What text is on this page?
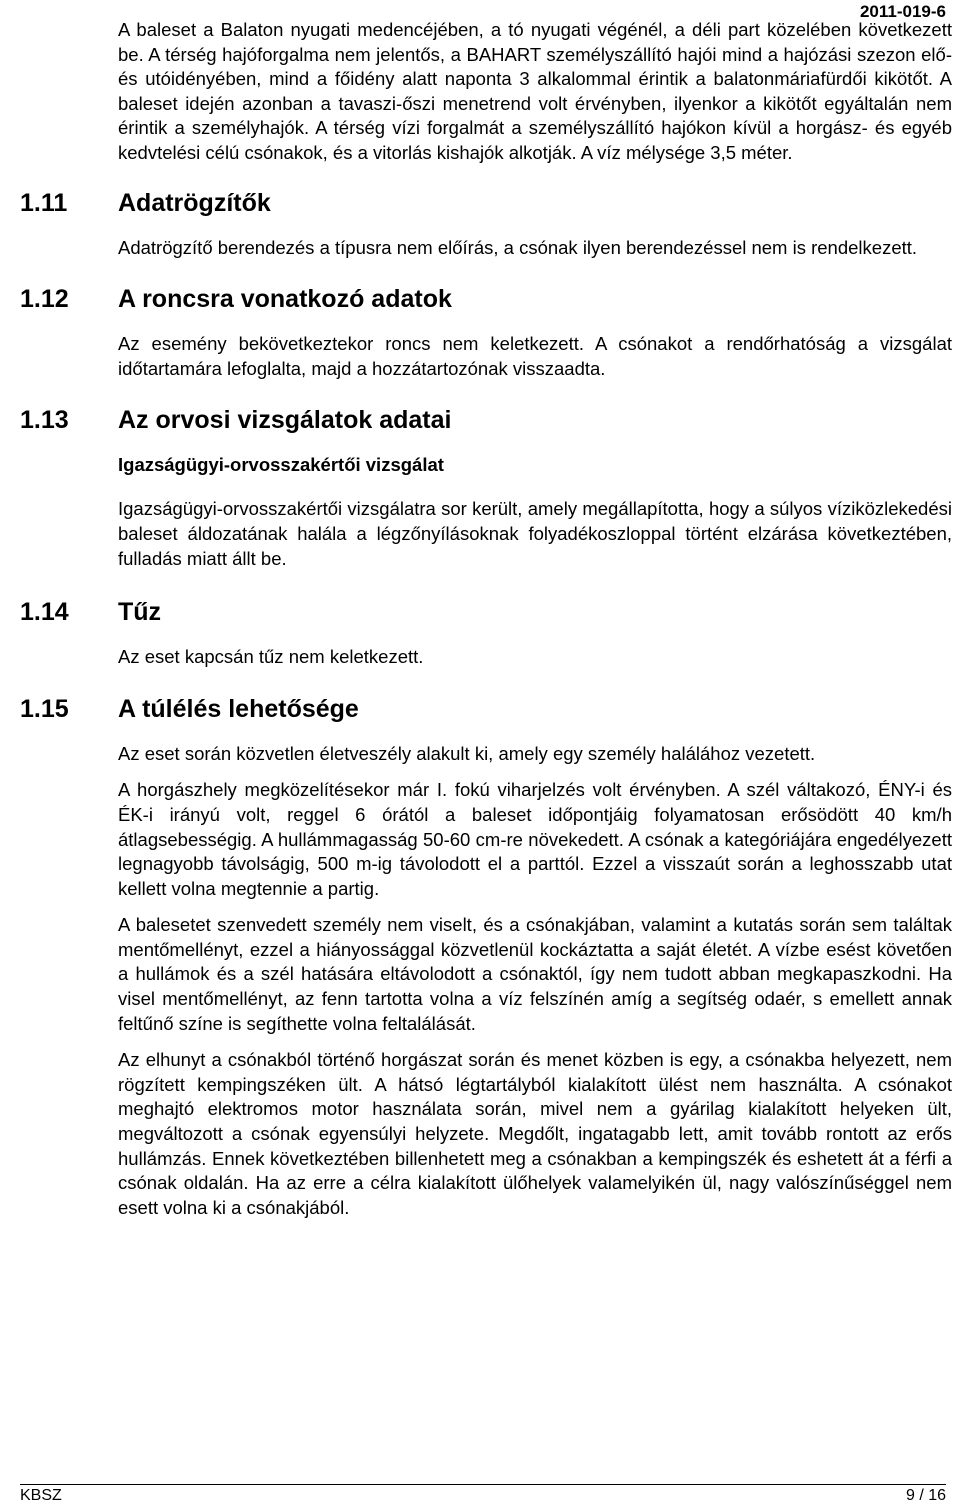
2011-019-6

A baleset a Balaton nyugati medencéjében, a tó nyugati végénél, a déli part közelében következett be. A térség hajóforgalma nem jelentős, a BAHART személyszállító hajói mind a hajózási szezon elő- és utóidényében, mind a főidény alatt naponta 3 alkalommal érintik a balatonmáriafürdői kikötőt. A baleset idején azonban a tavaszi-őszi menetrend volt érvényben, ilyenkor a kikötőt egyáltalán nem érintik a személyhajók. A térség vízi forgalmát a személyszállító hajókon kívül a horgász- és egyéb kedvtelési célú csónakok, és a vitorlás kishajók alkotják. A víz mélysége 3,5 méter.

1.11	Adatrögzítők

Adatrögzítő berendezés a típusra nem előírás, a csónak ilyen berendezéssel nem is rendelkezett.

1.12	A roncsra vonatkozó adatok

Az esemény bekövetkeztekor roncs nem keletkezett. A csónakot a rendőrhatóság a vizsgálat időtartamára lefoglalta, majd a hozzátartozónak visszaadta.

1.13	Az orvosi vizsgálatok adatai
Igazságügyi-orvosszakértői vizsgálat

Igazságügyi-orvosszakértői vizsgálatra sor került, amely megállapította, hogy a súlyos víziközlekedési baleset áldozatának halála a légzőnyílásoknak folyadékoszloppal történt elzárása következtében, fulladás miatt állt be.

1.14	Tűz

Az eset kapcsán tűz nem keletkezett.

1.15	A túlélés lehetősége

Az eset során közvetlen életveszély alakult ki, amely egy személy halálához vezetett.

A horgászhely megközelítésekor már I. fokú viharjelzés volt érvényben. A szél váltakozó, ÉNY-i és ÉK-i irányú volt, reggel 6 órától a baleset időpontjáig folyamatosan erősödött 40 km/h átlagsebességig. A hullámmagasság 50-60 cm-re növekedett. A csónak a kategóriájára engedélyezett legnagyobb távolságig, 500 m-ig távolodott el a parttól. Ezzel a visszaút során a leghosszabb utat kellett volna megtennie a partig.

A balesetet szenvedett személy nem viselt, és a csónakjában, valamint a kutatás során sem találtak mentőmellényt, ezzel a hiányossággal közvetlenül kockáztatta a saját életét. A vízbe esést követően a hullámok és a szél hatására eltávolodott a csónaktól, így nem tudott abban megkapaszkodni. Ha visel mentőmellényt, az fenn tartotta volna a víz felszínén amíg a segítség odaér, s emellett annak feltűnő színe is segíthette volna feltalálását.

Az elhunyt a csónakból történő horgászat során és menet közben is egy, a csónakba helyezett, nem rögzített kempingszéken ült. A hátsó légtartályból kialakított ülést nem használta. A csónakot meghajtó elektromos motor használata során, mivel nem a gyárilag kialakított helyeken ült, megváltozott a csónak egyensúlyi helyzete. Megdőlt, ingatagabb lett, amit tovább rontott az erős hullámzás. Ennek következtében billenhetett meg a csónakban a kempingszék és eshetett át a férfi a csónak oldalán. Ha az erre a célra kialakított ülőhelyek valamelyikén ül, nagy valószínűséggel nem esett volna ki a csónakjából.

KBSZ	9 / 16
